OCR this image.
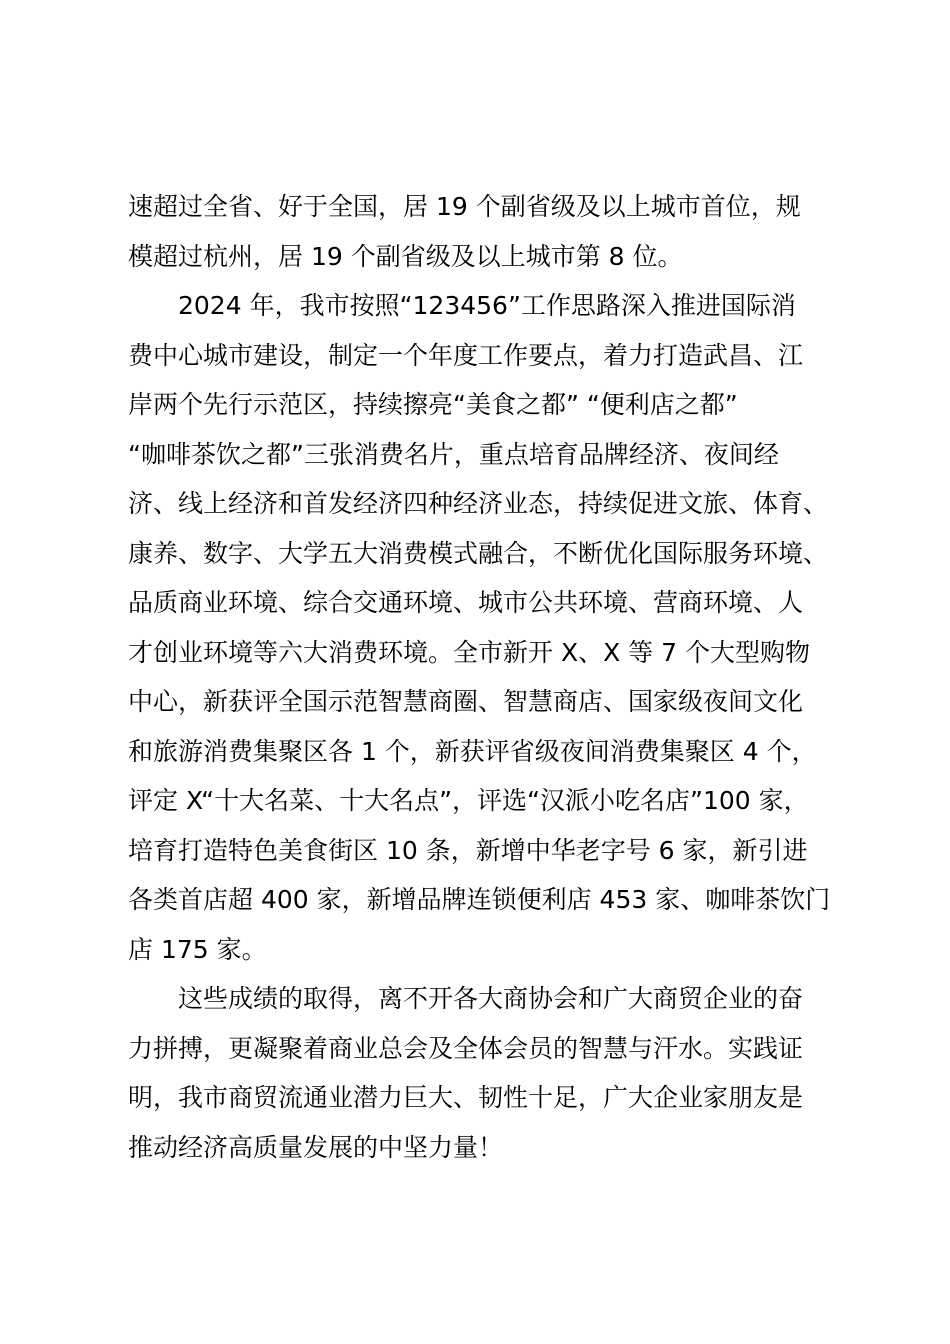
速超过全省、好于全国，居 19 个副省级及以上城市首位，规
模超过杭州，居 19 个副省级及以上城市第 8 位。
2024 年，我市按照“123456”工作思路深入推进国际消
费中心城市建设，制定一个年度工作要点，着力打造武昌、江
岸两个先行示范区，持续擦亮“美食之都” “便利店之都”
“咖啡茶饮之都”三张消费名片，重点培育品牌经济、夜间经
济、线上经济和首发经济四种经济业态，持续促进文旅、体育、
康养、数字、大学五大消费模式融合，不断优化国际服务环境、
品质商业环境、综合交通环境、城市公共环境、营商环境、人
才创业环境等六大消费环境。全市新开 X、X 等 7 个大型购物
中心，新获评全国示范智慧商圈、智慧商店、国家级夜间文化
和旅游消费集聚区各 1 个，新获评省级夜间消费集聚区 4 个，
评定 X“十大名菜、十大名点”，评选“汉派小吃名店”100 家，
培育打造特色美食街区 10 条，新增中华老字号 6 家，新引进
各类首店超 400 家，新增品牌连锁便利店 453 家、咖啡茶饮门
店 175 家。
这些成绩的取得，离不开各大商协会和广大商贸企业的奋
力拼搏，更凝聚着商业总会及全体会员的智慧与汗水。实践证
明，我市商贸流通业潜力巨大、韧性十足，广大企业家朋友是
推动经济高质量发展的中坚力量！
